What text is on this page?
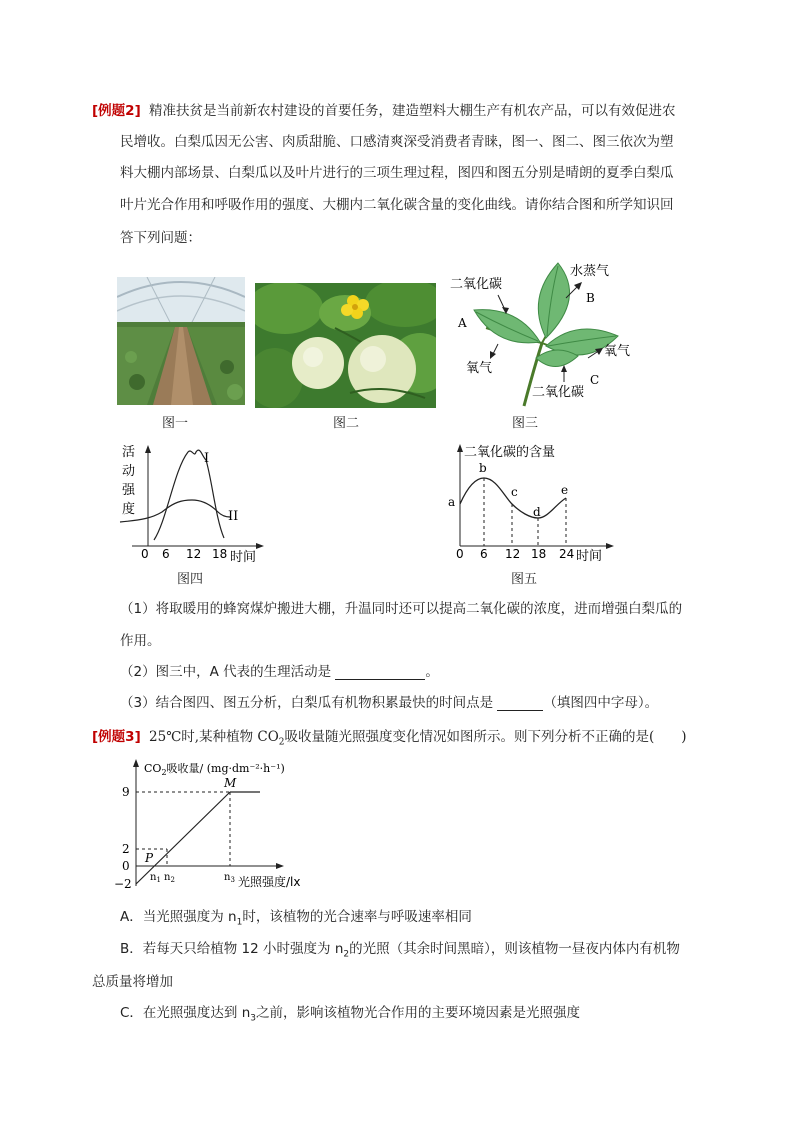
[例题2] 精准扶贫是当前新农村建设的首要任务，建造塑料大棚生产有机农产品，可以有效促进农
民增收。白梨瓜因无公害、肉质甜脆、口感清爽深受消费者青睐，图一、图二、图三依次为塑
料大棚内部场景、白梨瓜以及叶片进行的三项生理过程，图四和图五分别是晴朗的夏季白梨瓜
叶片光合作用和呼吸作用的强度、大棚内二氧化碳含量的变化曲线。请你结合图和所学知识回
答下列问题：
图一	图二
二氧化碳
水蒸气
B
A
氧气
氧气
二氧化碳
C
图三
活
动
强
度
I
II
0 6 12 18 时间
图四
二氧化碳的含量
a
b
c
d
e
0 6 12 18 24 时间
图五
（1）将取暖用的蜂窝煤炉搬进大棚，升温同时还可以提高二氧化碳的浓度，进而增强白梨瓜的
作用。
（2）图三中，A 代表的生理活动是	。
（3）结合图四、图五分析，白梨瓜有机物积累最快的时间点是	（填图四中字母）。
[例题3] 25℃时,某种植物 $CO_2$吸收量随光照强度变化情况如图所示。则下列分析不正确的是(　　)
$CO_2$吸收量/ (mg·dm⁻²·h⁻¹)
9
2
0
−2
M
P
$n_1$ $n_2$	$n_3$ 光照强度/lx
A．当光照强度为 $n_1$时，该植物的光合速率与呼吸速率相同
B．若每天只给植物 12 小时强度为 $n_2$的光照（其余时间黑暗），则该植物一昼夜内体内有机物
总质量将增加
C．在光照强度达到 $n_3$之前，影响该植物光合作用的主要环境因素是光照强度
